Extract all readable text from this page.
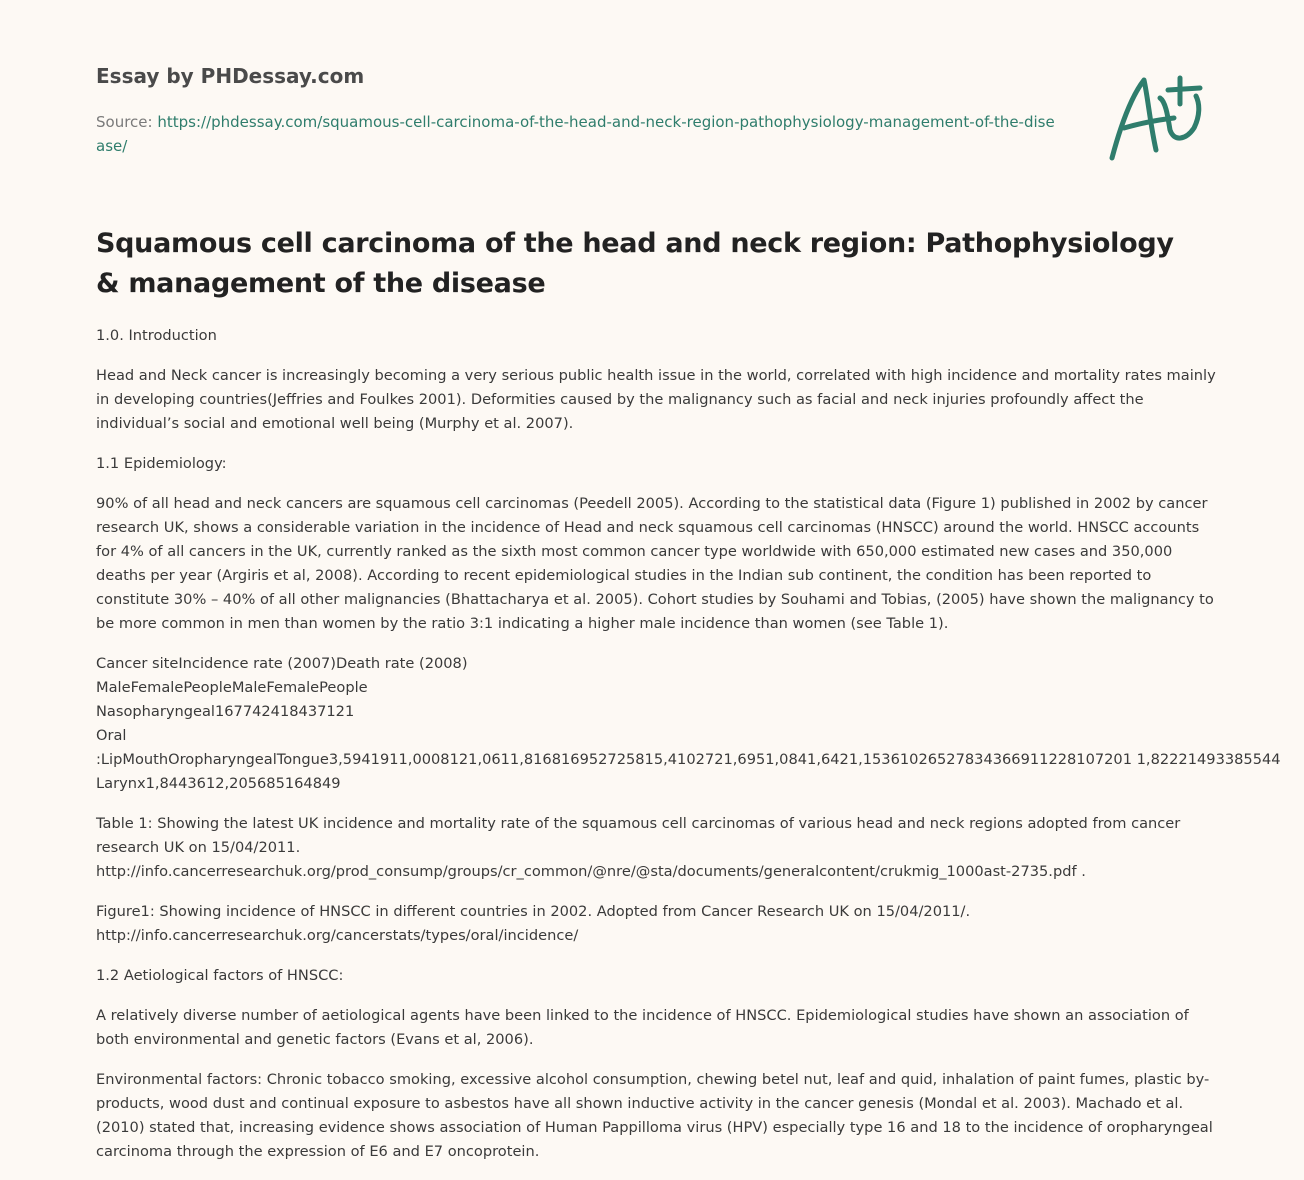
Essay by PHDessay.com
Source: https://phdessay.com/squamous-cell-carcinoma-of-the-head-and-neck-region-pathophysiology-management-of-the-disease/
Squamous cell carcinoma of the head and neck region: Pathophysiology & management of the disease

1.0. Introduction

Head and Neck cancer is increasingly becoming a very serious public health issue in the world, correlated with high incidence and mortality rates mainly in developing countries(Jeffries and Foulkes 2001). Deformities caused by the malignancy such as facial and neck injuries profoundly affect the individual’s social and emotional well being (Murphy et al. 2007).

1.1 Epidemiology:

90% of all head and neck cancers are squamous cell carcinomas (Peedell 2005). According to the statistical data (Figure 1) published in 2002 by cancer research UK, shows a considerable variation in the incidence of Head and neck squamous cell carcinomas (HNSCC) around the world. HNSCC accounts for 4% of all cancers in the UK, currently ranked as the sixth most common cancer type worldwide with 650,000 estimated new cases and 350,000 deaths per year (Argiris et al, 2008). According to recent epidemiological studies in the Indian sub continent, the condition has been reported to constitute 30% – 40% of all other malignancies (Bhattacharya et al. 2005). Cohort studies by Souhami and Tobias, (2005) have shown the malignancy to be more common in men than women by the ratio 3:1 indicating a higher male incidence than women (see Table 1).

Cancer siteIncidence rate (2007)Death rate (2008)
MaleFemalePeopleMaleFemalePeople
Nasopharyngeal167742418437121
Oral
:LipMouthOropharyngealTongue3,5941911,0008121,0611,816816952725815,4102721,6951,0841,6421,15361026527834366911228107201 1,82221493385544
Larynx1,8443612,205685164849

Table 1: Showing the latest UK incidence and mortality rate of the squamous cell carcinomas of various head and neck regions adopted from cancer research UK on 15/04/2011.
http://info.cancerresearchuk.org/prod_consump/groups/cr_common/@nre/@sta/documents/generalcontent/crukmig_1000ast-2735.pdf .

Figure1: Showing incidence of HNSCC in different countries in 2002. Adopted from Cancer Research UK on 15/04/2011/.
http://info.cancerresearchuk.org/cancerstats/types/oral/incidence/

1.2 Aetiological factors of HNSCC:

A relatively diverse number of aetiological agents have been linked to the incidence of HNSCC. Epidemiological studies have shown an association of both environmental and genetic factors (Evans et al, 2006).

Environmental factors: Chronic tobacco smoking, excessive alcohol consumption, chewing betel nut, leaf and quid, inhalation of paint fumes, plastic by-products, wood dust and continual exposure to asbestos have all shown inductive activity in the cancer genesis (Mondal et al. 2003). Machado et al. (2010) stated that, increasing evidence shows association of Human Pappilloma virus (HPV) especially type 16 and 18 to the incidence of oropharyngeal carcinoma through the expression of E6 and E7 oncoprotein.
